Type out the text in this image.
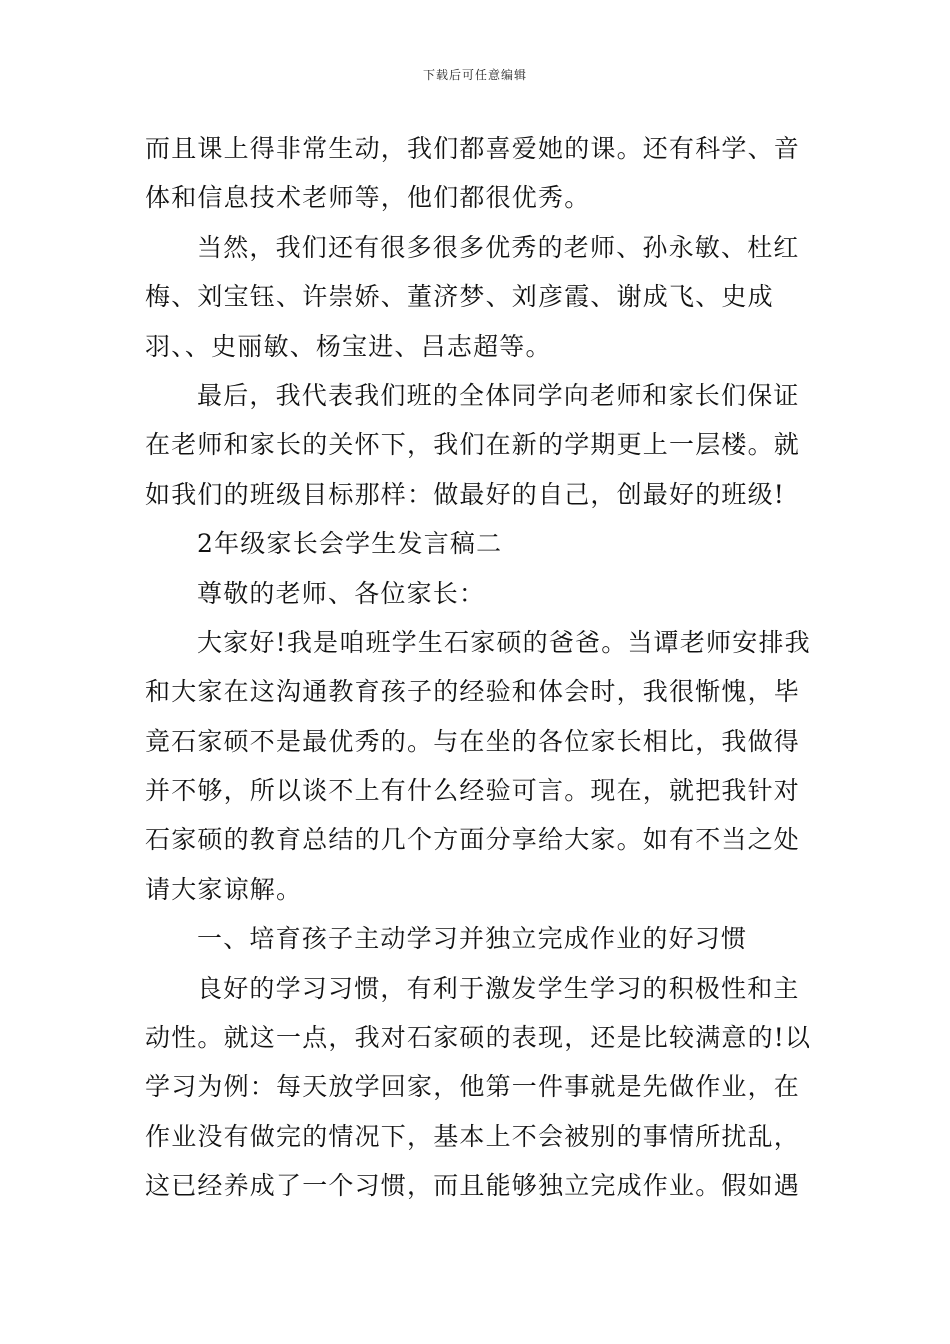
下载后可任意编辑
而且课上得非常生动，我们都喜爱她的课。还有科学、音
体和信息技术老师等，他们都很优秀。
当然，我们还有很多很多优秀的老师、孙永敏、杜红
梅、刘宝钰、许崇娇、董济梦、刘彦霞、谢成飞、史成
羽、、史丽敏、杨宝进、吕志超等。
最后，我代表我们班的全体同学向老师和家长们保证
在老师和家长的关怀下，我们在新的学期更上一层楼。就
如我们的班级目标那样：做最好的自己，创最好的班级!
2年级家长会学生发言稿二
尊敬的老师、各位家长：
大家好!我是咱班学生石家硕的爸爸。当谭老师安排我
和大家在这沟通教育孩子的经验和体会时，我很惭愧，毕
竟石家硕不是最优秀的。与在坐的各位家长相比，我做得
并不够，所以谈不上有什么经验可言。现在，就把我针对
石家硕的教育总结的几个方面分享给大家。如有不当之处
请大家谅解。
一、培育孩子主动学习并独立完成作业的好习惯
良好的学习习惯，有利于激发学生学习的积极性和主
动性。就这一点，我对石家硕的表现，还是比较满意的!以
学习为例：每天放学回家，他第一件事就是先做作业，在
作业没有做完的情况下，基本上不会被别的事情所扰乱，
这已经养成了一个习惯，而且能够独立完成作业。假如遇
